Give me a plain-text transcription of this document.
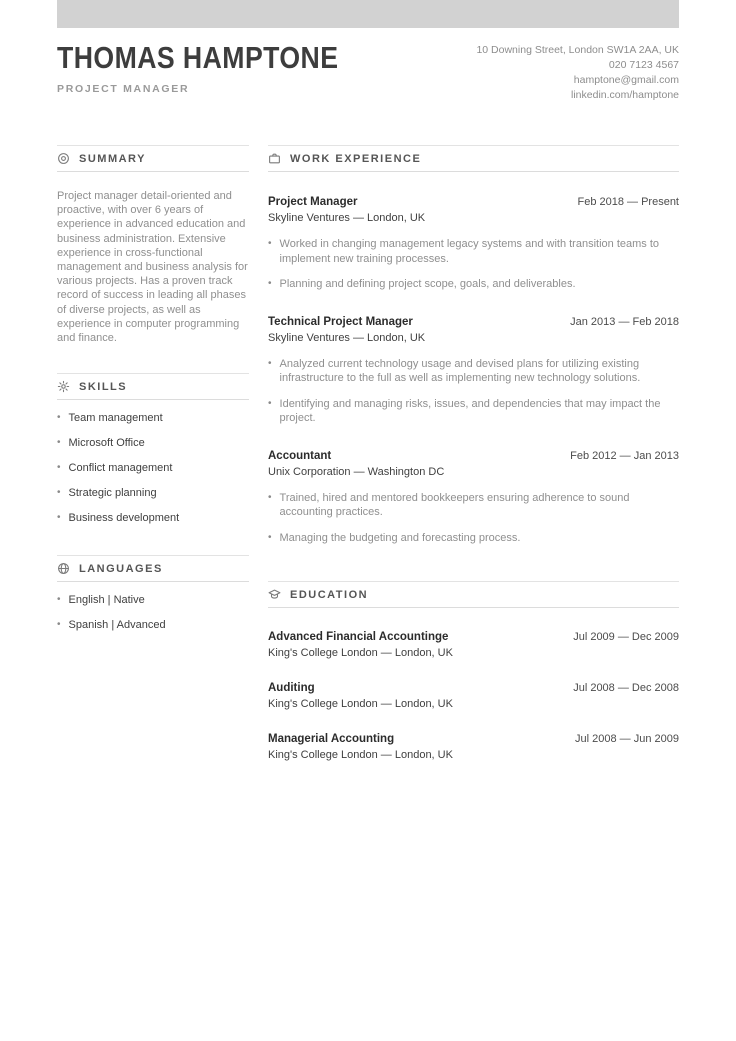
THOMAS HAMPTONE
PROJECT MANAGER
10 Downing Street, London SW1A 2AA, UK
020 7123 4567
hamptone@gmail.com
linkedin.com/hamptone
SUMMARY

Project manager detail-oriented and proactive, with over 6 years of experience in advanced education and business administration. Extensive experience in cross-functional management and business analysis for various projects. Has a proven track record of success in leading all phases of diverse projects, as well as experience in computer programming and finance.

SKILLS
• Team management
• Microsoft Office
• Conflict management
• Strategic planning
• Business development
LANGUAGES
• English | Native
• Spanish | Advanced
WORK EXPERIENCE
Project Manager	Feb 2018 — Present
Skyline Ventures — London, UK
• Worked in changing management legacy systems and with transition teams to implement new training processes.
• Planning and defining project scope, goals, and deliverables.
Technical Project Manager	Jan 2013 — Feb 2018
Skyline Ventures — London, UK
• Analyzed current technology usage and devised plans for utilizing existing infrastructure to the full as well as implementing new technology solutions.
• Identifying and managing risks, issues, and dependencies that may impact the project.
Accountant	Feb 2012 — Jan 2013
Unix Corporation — Washington DC
• Trained, hired and mentored bookkeepers ensuring adherence to sound accounting practices.
• Managing the budgeting and forecasting process.
EDUCATION
Advanced Financial Accountinge	Jul 2009 — Dec 2009
King's College London — London, UK
Auditing	Jul 2008 — Dec 2008
King's College London — London, UK
Managerial Accounting	Jul 2008 — Jun 2009
King's College London — London, UK
